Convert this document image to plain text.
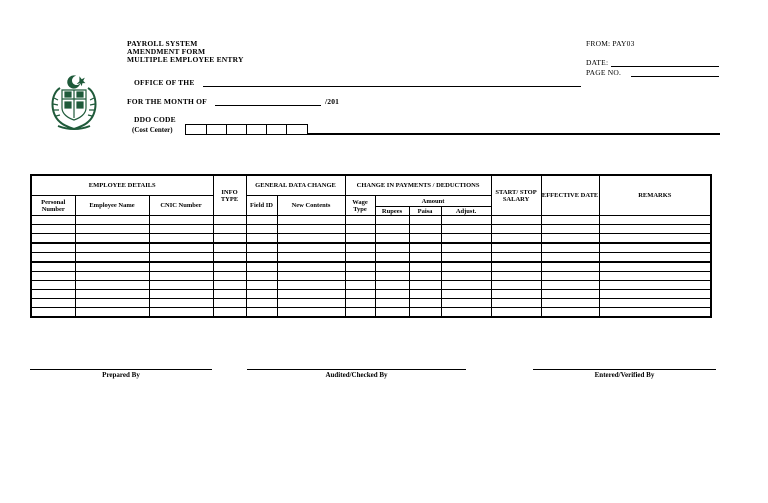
PAYROLL SYSTEM
AMENDMENT FORM
MULTIPLE EMPLOYEE ENTRY
FROM: PAY03
DATE:
PAGE NO.
OFFICE OF THE
FOR THE MONTH OF	/201
DDO CODE
(Cost Center)
EMPLOYEE DETAILS			INFO TYPE	GENERAL DATA CHANGE		CHANGE IN PAYMENTS / DEDUCTIONS				START/ STOP SALARY	EFFECTIVE DATE	REMARKS
Personal Number	Employee Name	CNIC Number		Field ID	New Contents	Wage Type	Amount					
							Rupees	Paisa	Adjust.			

Prepared By	Audited/Checked By	Entered/Verified By
